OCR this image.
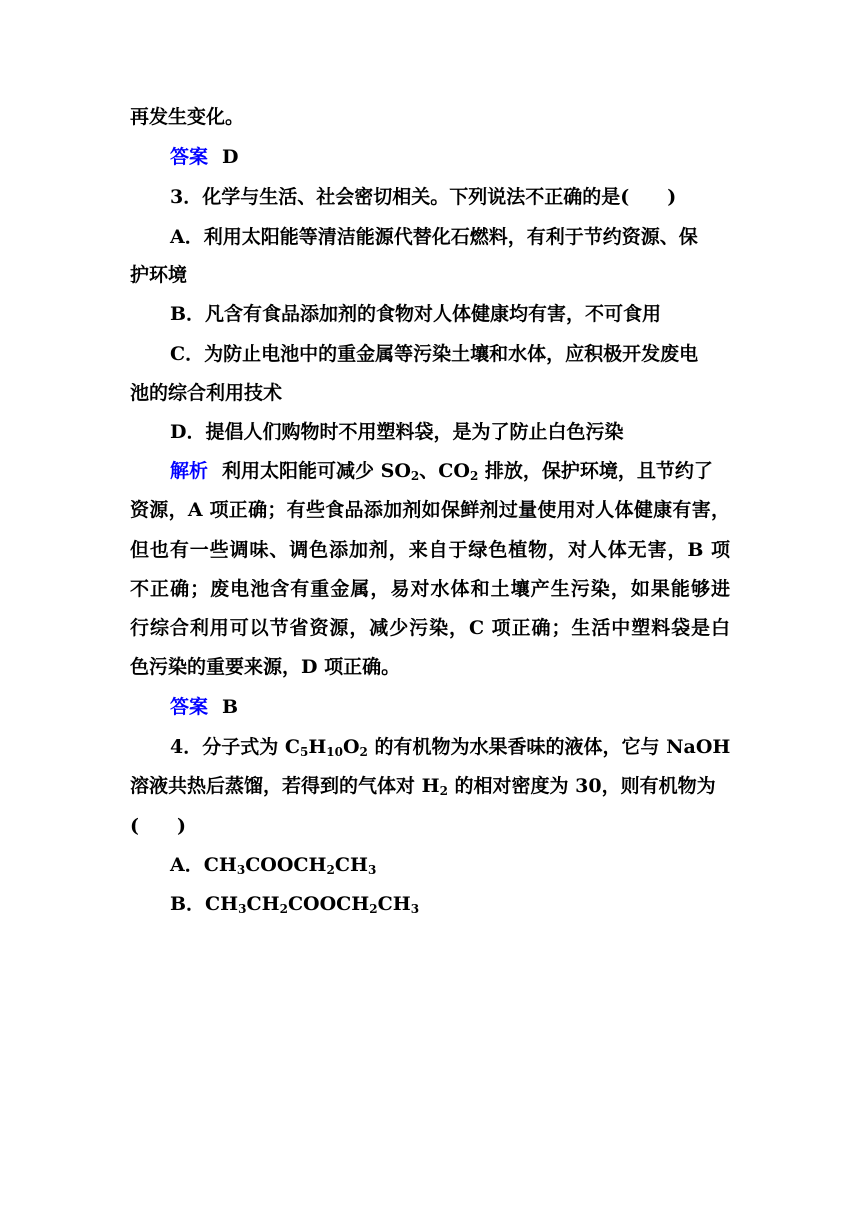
再发生变化。
答案 D
3．化学与生活、社会密切相关。下列说法不正确的是(　　)
A．利用太阳能等清洁能源代替化石燃料，有利于节约资源、保
护环境
B．凡含有食品添加剂的食物对人体健康均有害，不可食用
C．为防止电池中的重金属等污染土壤和水体，应积极开发废电
池的综合利用技术
D．提倡人们购物时不用塑料袋，是为了防止白色污染
解析 利用太阳能可减少 $SO_2$、$CO_2$ 排放，保护环境，且节约了
资源，A 项正确；有些食品添加剂如保鲜剂过量使用对人体健康有害，
但也有一些调味、调色添加剂，来自于绿色植物，对人体无害，B 项
不正确；废电池含有重金属，易对水体和土壤产生污染，如果能够进
行综合利用可以节省资源，减少污染，C 项正确；生活中塑料袋是白
色污染的重要来源，D 项正确。
答案 B
4．分子式为 $C_5H_{10}O_2$ 的有机物为水果香味的液体，它与 NaOH
溶液共热后蒸馏，若得到的气体对 $H_2$ 的相对密度为 30，则有机物为
(　　)
A．$CH_3COOCH_2CH_3$
B．$CH_3CH_2COOCH_2CH_3$
